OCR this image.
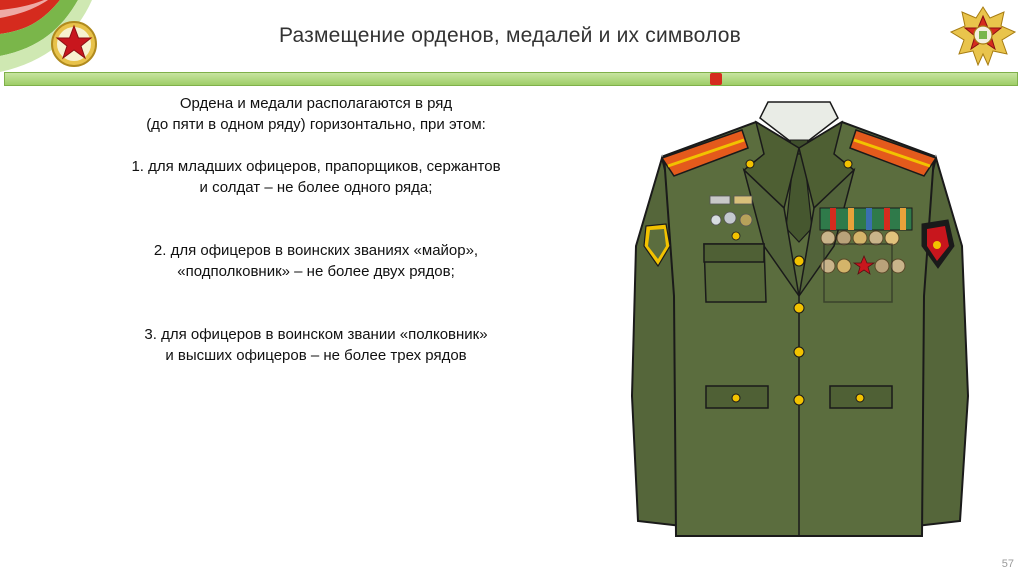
Размещение орденов, медалей и их символов

Ордена и медали располагаются в ряд

(до пяти в одном ряду) горизонтально, при этом:

1. для младших офицеров, прапорщиков, сержантов

и солдат – не более одного ряда;

2. для офицеров в воинских званиях «майор»,

«подполковник» – не более двух рядов;

3. для офицеров в воинском звании «полковник»

и высших офицеров – не более трех рядов

57
